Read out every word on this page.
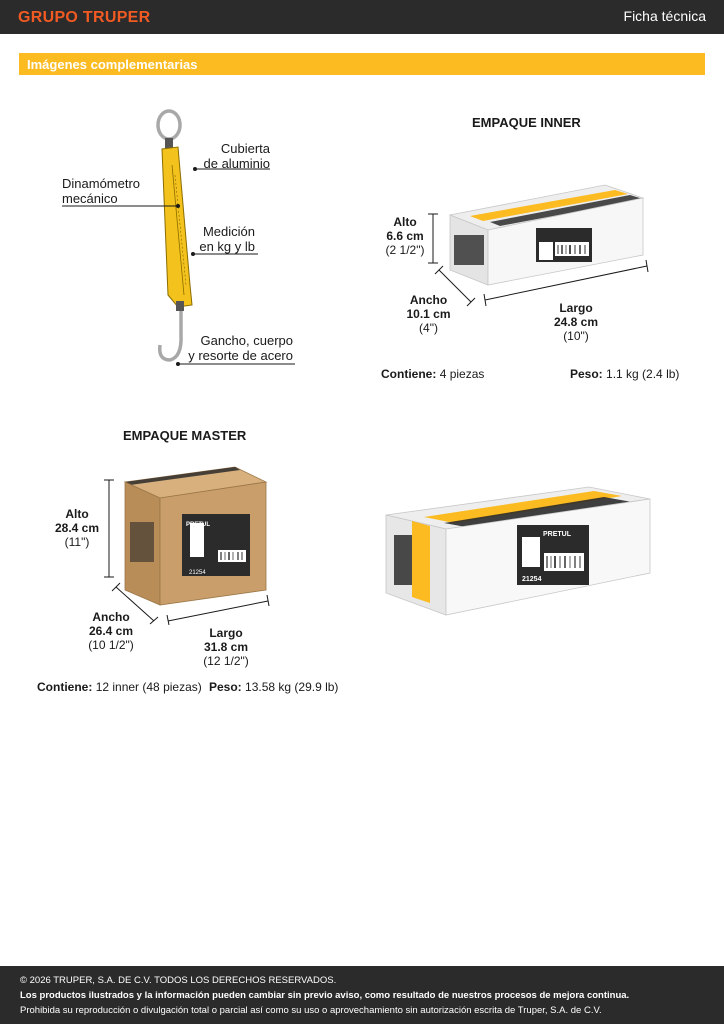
GRUPO TRUPER	Ficha técnica
Imágenes complementarias
Cubierta
de aluminio
Dinamómetro
mecánico
Medición
en kg y lb
Gancho, cuerpo
y resorte de acero
EMPAQUE INNER
Alto
6.6 cm
(2 1/2")
Ancho
10.1 cm
(4")
Largo
24.8 cm
(10")
Contiene: 4 piezas	Peso: 1.1 kg (2.4 lb)
EMPAQUE MASTER
PRETUL
21254
Alto
28.4 cm
(11")
Ancho
26.4 cm
(10 1/2")
Largo
31.8 cm
(12 1/2")
Contiene: 12 inner (48 piezas) Peso: 13.58 kg (29.9 lb)
PRETUL
21254
© 2026 TRUPER, S.A. DE C.V. TODOS LOS DERECHOS RESERVADOS.
Los productos ilustrados y la información pueden cambiar sin previo aviso, como resultado de nuestros procesos de mejora continua.
Prohibida su reproducción o divulgación total o parcial así como su uso o aprovechamiento sin autorización escrita de Truper, S.A. de C.V.
